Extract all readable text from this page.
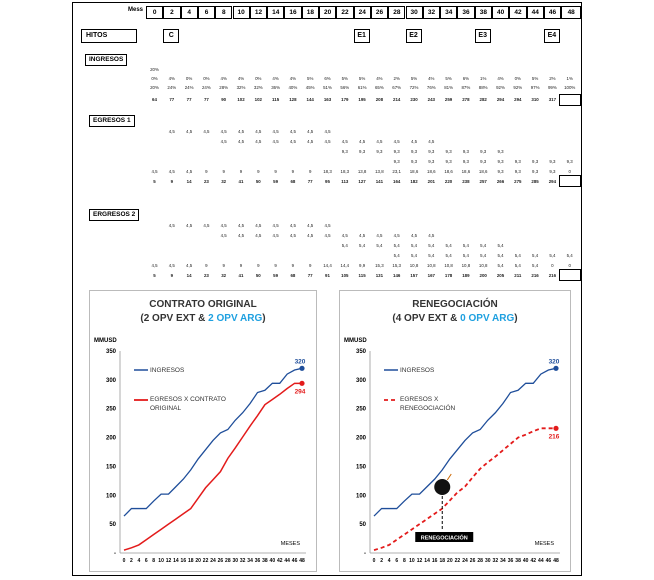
Mess
HITOS
INGRESOS
EGRESOS 1
ERGRESOS 2
CONTRATO ORIGINAL
(2 OPV EXT & 2 OPV ARG)
MMUSD
350
300
250
200
150
100
50
-
0 2 4 6 8 10 12 14 16 18 20 22 24 26 28 30 32 34 36 38 40 42 44 46 48
MESES
320
294
INGRESOS
EGRESOS X CONTRATO
ORIGINAL
RENEGOCIACIÓN
(4 OPV EXT & 0 OPV ARG)
MMUSD
350
300
250
200
150
100
50
-
0 2 4 6 8 10 12 14 16 18 20 22 24 26 28 30 32 34 36 38 40 42 44 46 48
MESES
320
216
INGRESOS
EGRESOS X
RENEGOCIACIÓN
RENEGOCIACIÓN
0	2	4	6	8	10	12	14	16	18	20	22	24	26	28	30	32	34	36	38	40	42	44	46	48
C	E1	E2	E3	E4
20%
0%	4%	0%	0%	4%	4%	0%	4%	4%	5%	6%	5%	5%	4%	2%	5%	4%	5%	6%	1%	4%	0%	5%	2%	1%
20%	24%	24%	24%	28%	32%	32%	36%	40%	45%	51%	56%	61%	65%	67%	72%	76%	81%	87%	88%	92%	92%	97%	99%	100%
64	77	77	77	90	102	102	115	128	144	163	179	195	208	214	230	243	259	278	282	294	294	310	317
4,5	4,5	4,5	4,5	4,5	4,5	4,5	4,5	4,5	4,5
4,5	4,5	4,5	4,5	4,5	4,5	4,5	4,5	4,5	4,5	4,5	4,5	4,5
9,3	9,3	9,3	9,3	9,3	9,3	9,3	9,3	9,3	9,3
9,3	9,3	9,3	9,3	9,3	9,3	9,3	9,3	9,3	9,3	9,3
4,5	4,5	4,5	9	9	9	9	9	9	9	18,3	18,3	13,8	13,8	23,1	18,6	18,6	18,6	18,6	18,6	9,3	9,3	9,3	9,3	0
5	9	14	23	32	41	50	59	68	77	95	113	127	141	164	182	201	220	238	257	266	275	285	294
4,5	4,5	4,5	4,5	4,5	4,5	4,5	4,5	4,5	4,5
4,5	4,5	4,5	4,5	4,5	4,5	4,5	4,5	4,5	4,5	4,5	4,5	4,5
5,4	5,4	5,4	5,4	5,4	5,4	5,4	5,4	5,4	5,4
5,4	5,4	5,4	5,4	5,4	5,4	5,4	5,4	5,4	5,4	5,4
4,5	4,5	4,5	9	9	9	9	9	9	9	14,4	14,4	9,9	15,3	15,3	10,8	10,8	10,8	10,8	10,8	5,4	5,4	5,4	0	0
5	9	14	23	32	41	50	59	68	77	91	105	115	131	146	157	167	178	189	200	205	211	216	216
